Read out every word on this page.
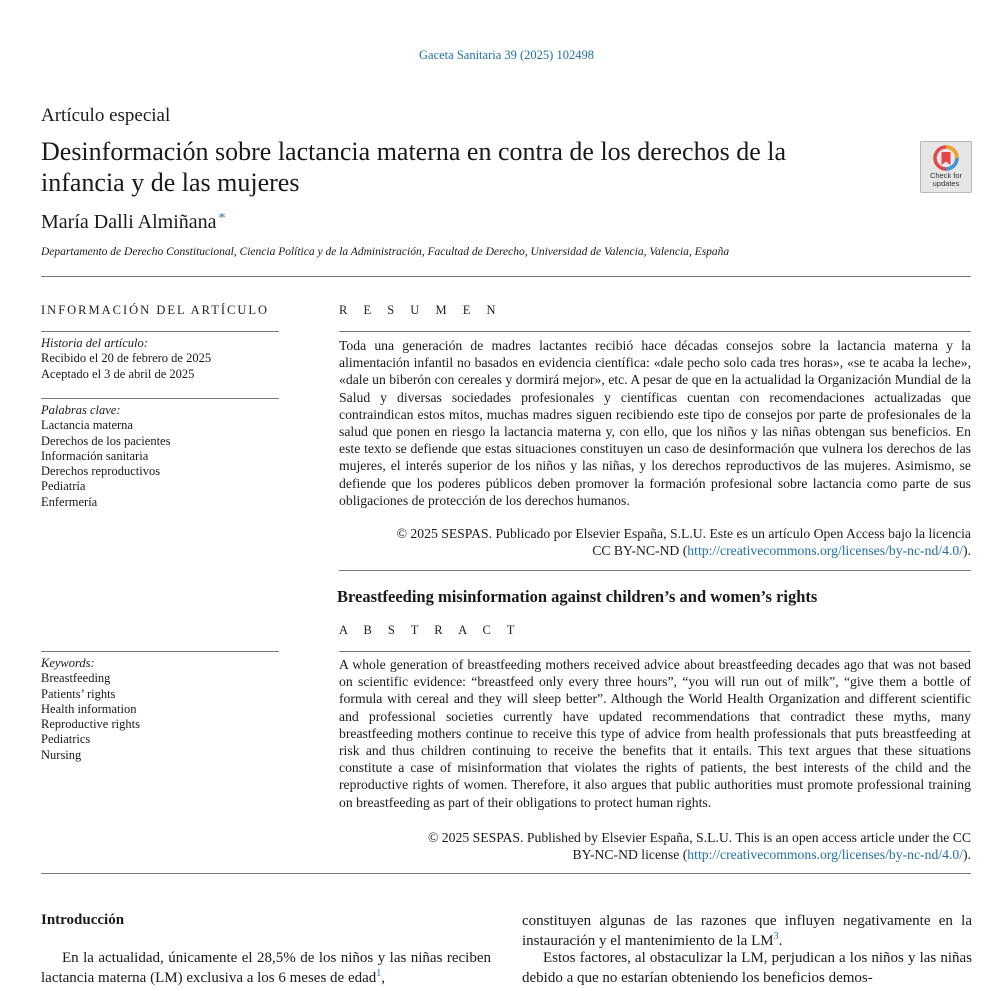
Gaceta Sanitaria 39 (2025) 102498
Artículo especial
Desinformación sobre lactancia materna en contra de los derechos de la infancia y de las mujeres
María Dalli Almiñana *
Departamento de Derecho Constitucional, Ciencia Política y de la Administración, Facultad de Derecho, Universidad de Valencia, Valencia, España
Check for
updates
INFORMACIÓN DEL ARTÍCULO
Historia del artículo:
Recibido el 20 de febrero de 2025
Aceptado el 3 de abril de 2025
Palabras clave:
Lactancia materna
Derechos de los pacientes
Información sanitaria
Derechos reproductivos
Pediatría
Enfermería
Keywords:
Breastfeeding
Patients’ rights
Health information
Reproductive rights
Pediatrics
Nursing
R E S U M E N
Toda una generación de madres lactantes recibió hace décadas consejos sobre la lactancia materna y la alimentación infantil no basados en evidencia científica: «dale pecho solo cada tres horas», «se te acaba la leche», «dale un biberón con cereales y dormirá mejor», etc. A pesar de que en la actualidad la Organización Mundial de la Salud y diversas sociedades profesionales y científicas cuentan con recomendaciones actualizadas que contraindican estos mitos, muchas madres siguen recibiendo este tipo de consejos por parte de profesionales de la salud que ponen en riesgo la lactancia materna y, con ello, que los niños y las niñas obtengan sus beneficios. En este texto se defiende que estas situaciones constituyen un caso de desinformación que vulnera los derechos de las mujeres, el interés superior de los niños y las niñas, y los derechos reproductivos de las mujeres. Asimismo, se defiende que los poderes públicos deben promover la formación profesional sobre lactancia como parte de sus obligaciones de protección de los derechos humanos.
© 2025 SESPAS. Publicado por Elsevier España, S.L.U. Este es un artículo Open Access bajo la licencia
CC BY-NC-ND (http://creativecommons.org/licenses/by-nc-nd/4.0/).
Breastfeeding misinformation against children’s and women’s rights
A B S T R A C T
A whole generation of breastfeeding mothers received advice about breastfeeding decades ago that was not based on scientific evidence: “breastfeed only every three hours”, “you will run out of milk”, “give them a bottle of formula with cereal and they will sleep better”. Although the World Health Organization and different scientific and professional societies currently have updated recommendations that contradict these myths, many breastfeeding mothers continue to receive this type of advice from health professionals that puts breastfeeding at risk and thus children continuing to receive the benefits that it entails. This text argues that these situations constitute a case of misinformation that violates the rights of patients, the best interests of the child and the reproductive rights of women. Therefore, it also argues that public authorities must promote professional training on breastfeeding as part of their obligations to protect human rights.
© 2025 SESPAS. Published by Elsevier España, S.L.U. This is an open access article under the CC
BY-NC-ND license (http://creativecommons.org/licenses/by-nc-nd/4.0/).
Introducción
En la actualidad, únicamente el 28,5% de los niños y las niñas reciben lactancia materna (LM) exclusiva a los 6 meses de edad$^1$,
constituyen algunas de las razones que influyen negativamente en la instauración y el mantenimiento de la $LM^3$.
Estos factores, al obstaculizar la LM, perjudican a los niños y las niñas debido a que no estarían obteniendo los beneficios demos-
